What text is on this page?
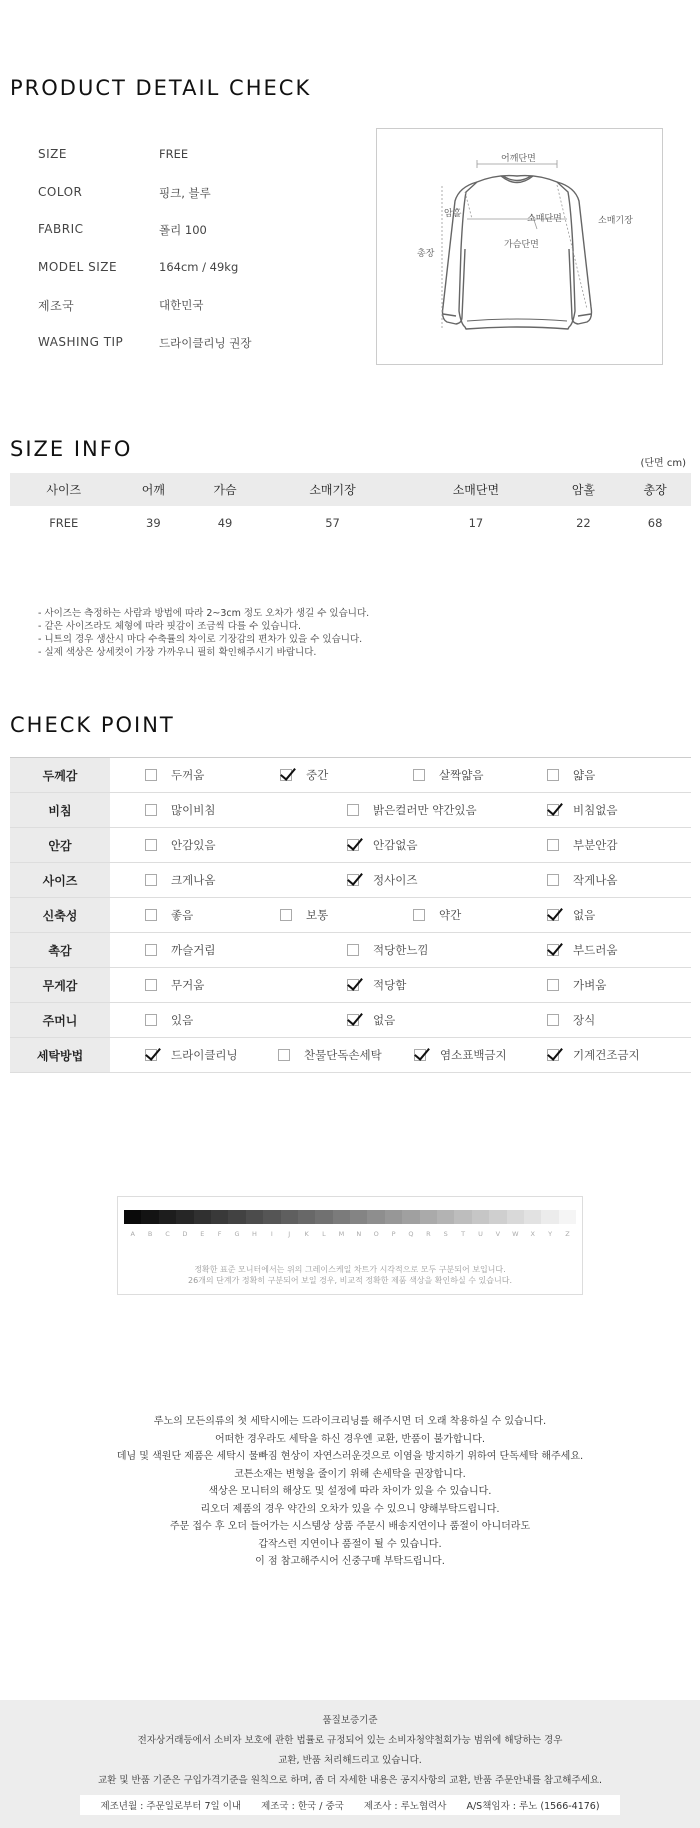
PRODUCT DETAIL CHECK
SIZE	FREE
COLOR	핑크, 블루
FABRIC	폴리 100
MODEL SIZE	164cm / 49kg
제조국	대한민국
WASHING TIP	드라이클리닝 권장
어깨단면
암홀	소매단면	소매기장
총장
가슴단면
SIZE INFO
(단면 cm)
사이즈	어깨	가슴	소매기장	소매단면	암홀	총장
FREE	39	49	57	17	22	68
- 사이즈는 측정하는 사람과 방법에 따라 2~3cm 정도 오차가 생길 수 있습니다.
- 같은 사이즈라도 체형에 따라 핏감이 조금씩 다를 수 있습니다.
- 니트의 경우 생산시 마다 수축률의 차이로 기장감의 편차가 있을 수 있습니다.
- 실제 색상은 상세컷이 가장 가까우니 필히 확인해주시기 바랍니다.
CHECK POINT
두께감	두꺼움	중간	살짝얇음	얇음
비침	많이비침	밝은컬러만 약간있음	비침없음
안감	안감있음	안감없음	부분안감
사이즈	크게나옴	정사이즈	작게나옴
신축성	좋음	보통	약간	없음
촉감	까슬거림	적당한느낌	부드러움
무게감	무거움	적당함	가벼움
주머니	있음	없음	장식
세탁방법	드라이클리닝	찬물단독손세탁	염소표백금지	기계건조금지
A	B	C	D	E	F	G	H	I	J	K	L	M	N	O	P	Q	R	S	T	U	V	W	X	Y	Z
정확한 표준 모니터에서는 위의 그레이스케일 차트가 시각적으로 모두 구분되어 보입니다.
26개의 단계가 정확히 구분되어 보일 경우, 비교적 정확한 제품 색상을 확인하실 수 있습니다.
루노의 모든의류의 첫 세탁시에는 드라이크리닝를 해주시면 더 오래 착용하실 수 있습니다.
어떠한 경우라도 세탁을 하신 경우엔 교환, 반품이 불가합니다.
데님 및 색원단 제품은 세탁시 물빠짐 현상이 자연스러운것으로 이염을 방지하기 위하여 단독세탁 해주세요.
코튼소재는 변형을 줄이기 위해 손세탁을 권장합니다.
색상은 모니터의 해상도 및 설정에 따라 차이가 있을 수 있습니다.
리오더 제품의 경우 약간의 오차가 있을 수 있으니 양해부탁드립니다.
주문 접수 후 오더 들어가는 시스템상 상품 주문시 배송지연이나 품절이 아니더라도
갑작스런 지연이나 품절이 될 수 있습니다.
이 점 참고해주시어 신중구매 부탁드립니다.
품질보증기준
전자상거래등에서 소비자 보호에 관한 법률로 규정되어 있는 소비자청약철회가능 범위에 해당하는 경우
교환, 반품 처리해드리고 있습니다.
교환 및 반품 기준은 구입가격기준을 원칙으로 하며, 좀 더 자세한 내용은 공지사항의 교환, 반품 주문안내를 참고해주세요.
제조년월 : 주문일로부터 7일 이내 제조국 : 한국 / 중국 제조사 : 루노협력사 A/S책임자 : 루노 (1566-4176)
